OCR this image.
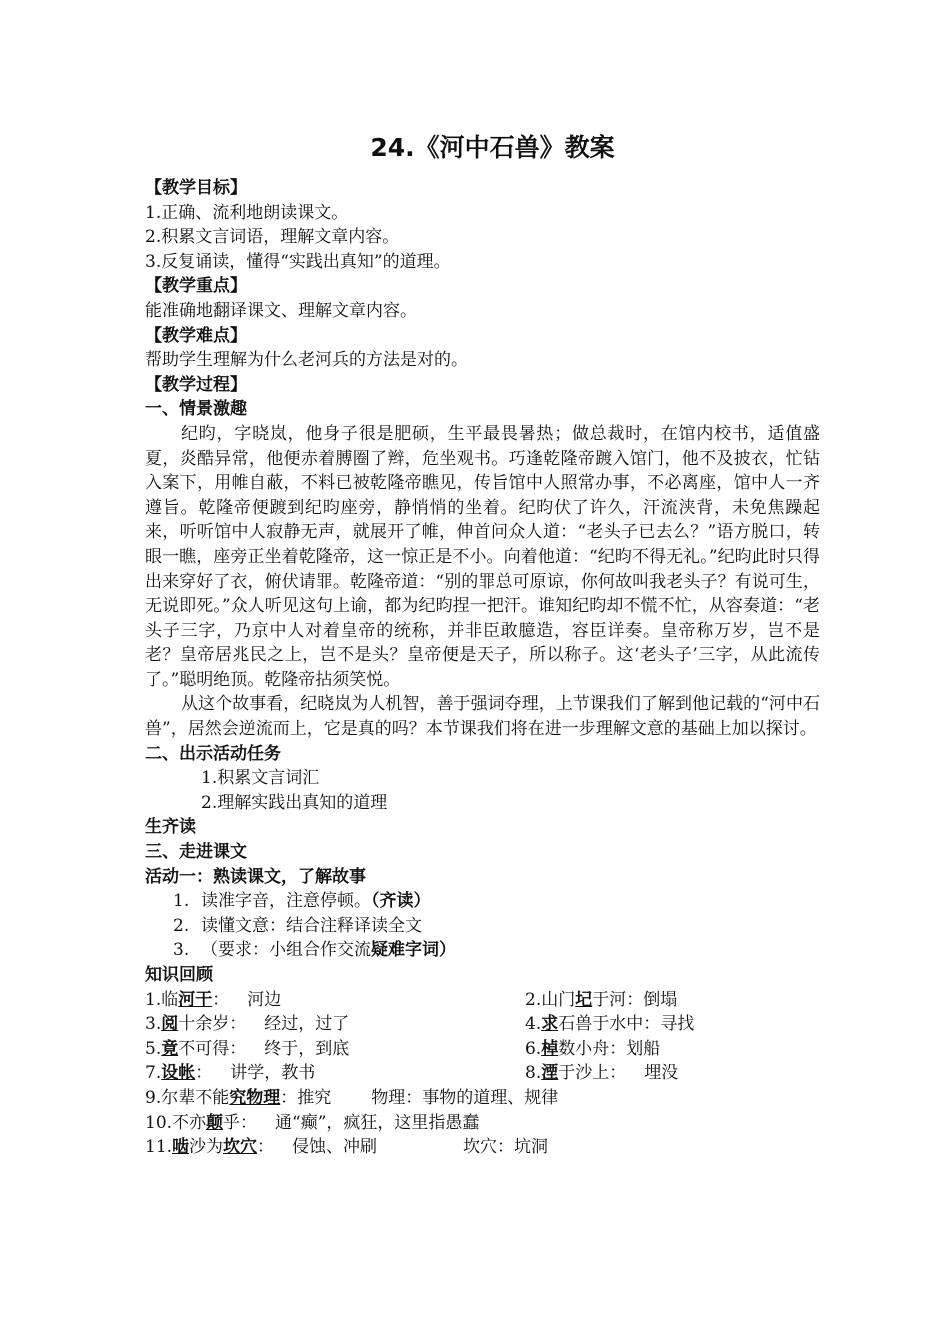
24.《河中石兽》教案
【教学目标】
1.正确、流利地朗读课文。
2.积累文言词语，理解文章内容。
3.反复诵读，懂得“实践出真知”的道理。
【教学重点】
能准确地翻译课文、理解文章内容。
【教学难点】
帮助学生理解为什么老河兵的方法是对的。
【教学过程】
一、情景激趣
纪昀，字晓岚，他身子很是肥硕，生平最畏暑热；做总裁时，在馆内校书，适值盛夏，炎酷异常，他便赤着膊圈了辫，危坐观书。巧逢乾隆帝踱入馆门，他不及披衣，忙钻入案下，用帷自蔽，不料已被乾隆帝瞧见，传旨馆中人照常办事，不必离座，馆中人一齐遵旨。乾隆帝便踱到纪昀座旁，静悄悄的坐着。纪昀伏了许久，汗流浃背，未免焦躁起来，听听馆中人寂静无声，就展开了帷，伸首问众人道：“老头子已去么？”语方脱口，转眼一瞧，座旁正坐着乾隆帝，这一惊正是不小。向着他道：“纪昀不得无礼。”纪昀此时只得出来穿好了衣，俯伏请罪。乾隆帝道：“别的罪总可原谅，你何故叫我老头子？有说可生，无说即死。”众人听见这句上谕，都为纪昀捏一把汗。谁知纪昀却不慌不忙，从容奏道：“老头子三字，乃京中人对着皇帝的统称，并非臣敢臆造，容臣详奏。皇帝称万岁，岂不是老？皇帝居兆民之上，岂不是头？皇帝便是天子，所以称子。这‘老头子’三字，从此流传了。”聪明绝顶。乾隆帝拈须笑悦。
从这个故事看，纪晓岚为人机智，善于强词夺理，上节课我们了解到他记载的“河中石兽”，居然会逆流而上，它是真的吗？本节课我们将在进一步理解文意的基础上加以探讨。
二、出示活动任务
1.积累文言词汇
2.理解实践出真知的道理
生齐读
三、走进课文
活动一：熟读课文，了解故事
1. 读准字音，注意停顿。（齐读）
2. 读懂文意：结合注释译读全文
3. （要求：小组合作交流疑难字词）
知识回顾
1.临河干： 河边	2.山门圮于河：倒塌
3.阅十余岁： 经过，过了	4.求石兽于水中：寻找
5.竟不可得： 终于，到底	6.棹数小舟：划船
7.设帐： 讲学，教书	8.湮于沙上： 埋没
9.尔辈不能究物理：推究 物理：事物的道理、规律
10.不亦颠乎： 通“癫”，疯狂，这里指愚蠢
11.啮沙为坎穴： 侵蚀、冲刷	坎穴：坑洞
